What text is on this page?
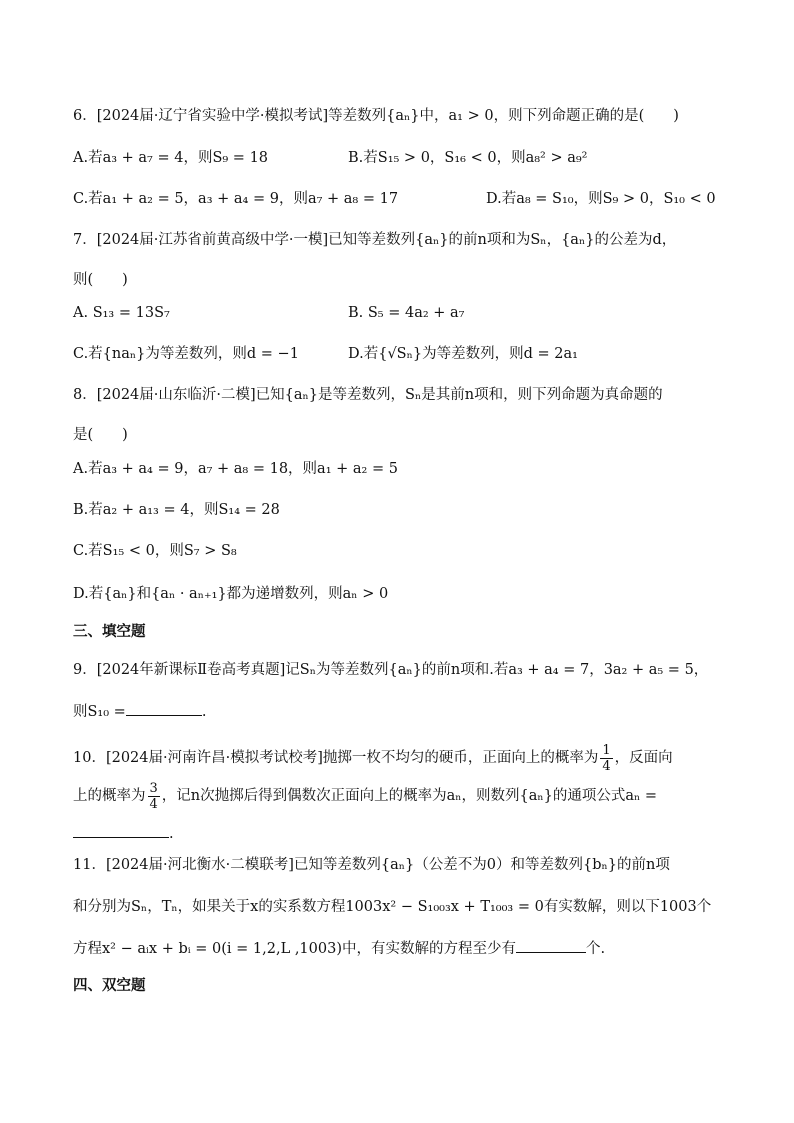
6．[2024届·辽宁省实验中学·模拟考试]等差数列{aₙ}中，a₁ > 0，则下列命题正确的是(　　)
A.若a₃ + a₇ = 4，则S₉ = 18	B.若S₁₅ > 0，S₁₆ < 0，则a₈² > a₉²
C.若a₁ + a₂ = 5，a₃ + a₄ = 9，则a₇ + a₈ = 17	D.若a₈ = S₁₀，则S₉ > 0，S₁₀ < 0
7．[2024届·江苏省前黄高级中学·一模]已知等差数列{aₙ}的前n项和为Sₙ，{aₙ}的公差为d，
则(　　)
A. S₁₃ = 13S₇	B. S₅ = 4a₂ + a₇
C.若{naₙ}为等差数列，则d = −1	D.若{√Sₙ}为等差数列，则d = 2a₁
8．[2024届·山东临沂·二模]已知{aₙ}是等差数列，Sₙ是其前n项和，则下列命题为真命题的
是(　　)
A.若a₃ + a₄ = 9，a₇ + a₈ = 18，则a₁ + a₂ = 5
B.若a₂ + a₁₃ = 4，则S₁₄ = 28
C.若S₁₅ < 0，则S₇ > S₈
D.若{aₙ}和{aₙ · aₙ₊₁}都为递增数列，则aₙ > 0
三、填空题
9．[2024年新课标Ⅱ卷高考真题]记Sₙ为等差数列{aₙ}的前n项和.若a₃ + a₄ = 7，3a₂ + a₅ = 5，
则S₁₀ =	.
10．[2024届·河南许昌·模拟考试校考]抛掷一枚不均匀的硬币，正面向上的概率为 $\frac{1}{4}$ ，反面向
上的概率为 $\frac{3}{4}$ ，记n次抛掷后得到偶数次正面向上的概率为aₙ，则数列{aₙ}的通项公式aₙ =
.
11．[2024届·河北衡水·二模联考]已知等差数列{aₙ}（公差不为0）和等差数列{bₙ}的前n项
和分别为Sₙ，Tₙ，如果关于x的实系数方程1003x² − S₁₀₀₃x + T₁₀₀₃ = 0有实数解，则以下1003个
方程x² − aᵢx + bᵢ = 0(i = 1,2,L ,1003)中，有实数解的方程至少有	个.
四、双空题
